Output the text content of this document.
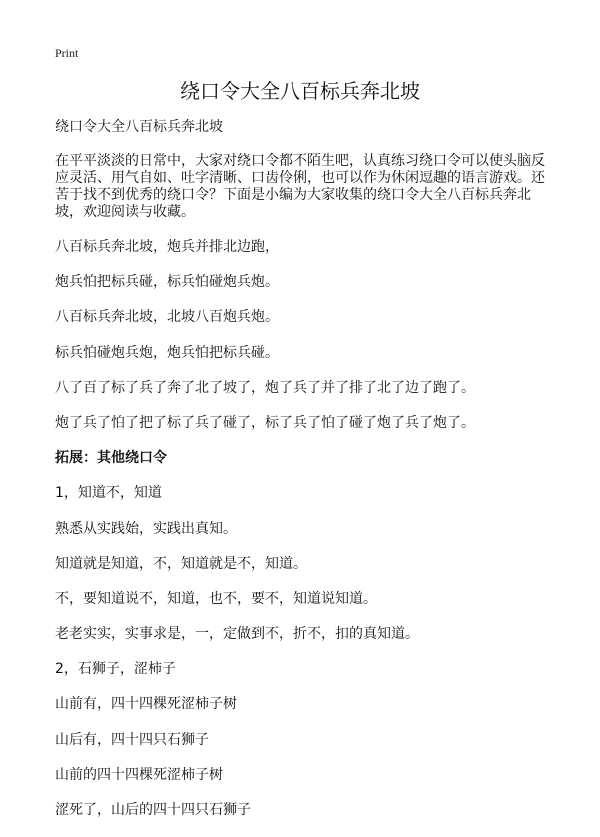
Print
绕口令大全八百标兵奔北坡

绕口令大全八百标兵奔北坡

在平平淡淡的日常中，大家对绕口令都不陌生吧，认真练习绕口令可以使头脑反应灵活、用气自如、吐字清晰、口齿伶俐，也可以作为休闲逗趣的语言游戏。还苦于找不到优秀的绕口令？下面是小编为大家收集的绕口令大全八百标兵奔北坡，欢迎阅读与收藏。

八百标兵奔北坡，炮兵并排北边跑，

炮兵怕把标兵碰，标兵怕碰炮兵炮。

八百标兵奔北坡，北坡八百炮兵炮。

标兵怕碰炮兵炮，炮兵怕把标兵碰。

八了百了标了兵了奔了北了坡了，炮了兵了并了排了北了边了跑了。

炮了兵了怕了把了标了兵了碰了，标了兵了怕了碰了炮了兵了炮了。

拓展：其他绕口令

1，知道不，知道

熟悉从实践始，实践出真知。

知道就是知道，不，知道就是不，知道。

不，要知道说不，知道，也不，要不，知道说知道。

老老实实，实事求是，一，定做到不，折不，扣的真知道。

2，石狮子，涩柿子

山前有，四十四棵死涩柿子树

山后有，四十四只石狮子

山前的四十四棵死涩柿子树

涩死了，山后的四十四只石狮子
